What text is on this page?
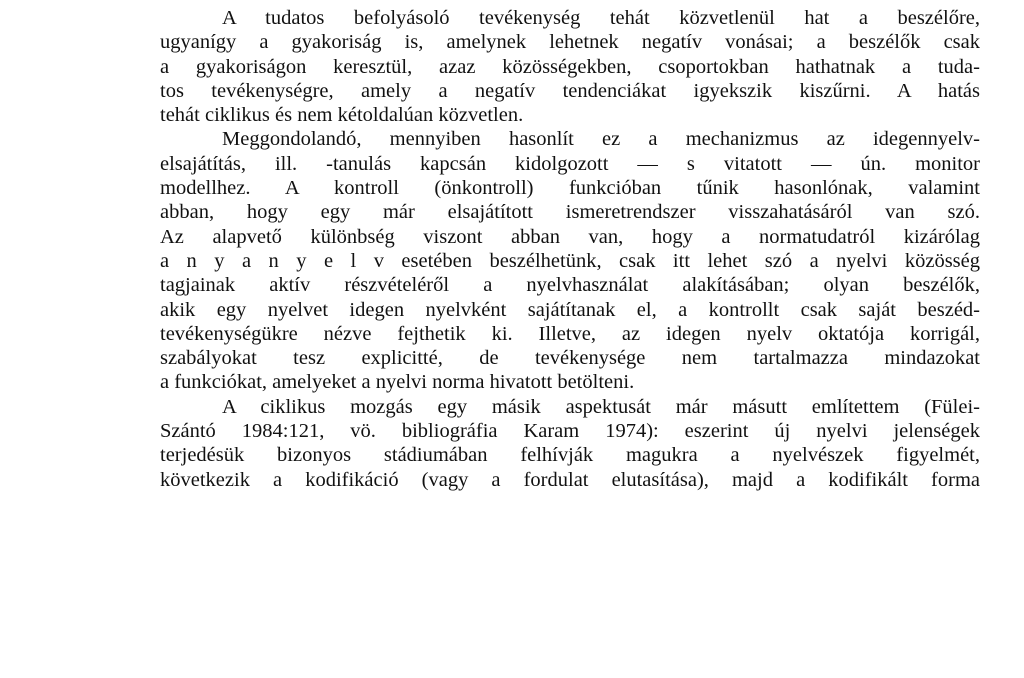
A tudatos befolyásoló tevékenység tehát közvetlenül hat a beszélőre,
ugyanígy a gyakoriság is, amelynek lehetnek negatív vonásai; a beszélők csak
a gyakoriságon keresztül, azaz közösségekben, csoportokban hathatnak a tuda-
tos tevékenységre, amely a negatív tendenciákat igyekszik kiszűrni. A hatás
tehát ciklikus és nem kétoldalúan közvetlen.
Meggondolandó, mennyiben hasonlít ez a mechanizmus az idegennyelv-
elsajátítás, ill. -tanulás kapcsán kidolgozott — s vitatott — ún. monitor
modellhez. A kontroll (önkontroll) funkcióban tűnik hasonlónak, valamint
abban, hogy egy már elsajátított ismeretrendszer visszahatásáról van szó.
Az alapvető különbség viszont abban van, hogy a normatudatról kizárólag
a n y a n y e l v esetében beszélhetünk, csak itt lehet szó a nyelvi közösség
tagjainak aktív részvételéről a nyelvhasználat alakításában; olyan beszélők,
akik egy nyelvet idegen nyelvként sajátítanak el, a kontrollt csak saját beszéd-
tevékenységükre nézve fejthetik ki. Illetve, az idegen nyelv oktatója korrigál,
szabályokat tesz explicitté, de tevékenysége nem tartalmazza mindazokat
a funkciókat, amelyeket a nyelvi norma hivatott betölteni.
A ciklikus mozgás egy másik aspektusát már másutt említettem (Fülei-
Szántó 1984:121, vö. bibliográfia Karam 1974): eszerint új nyelvi jelenségek
terjedésük bizonyos stádiumában felhívják magukra a nyelvészek figyelmét,
következik a kodifikáció (vagy a fordulat elutasítása), majd a kodifikált forma
